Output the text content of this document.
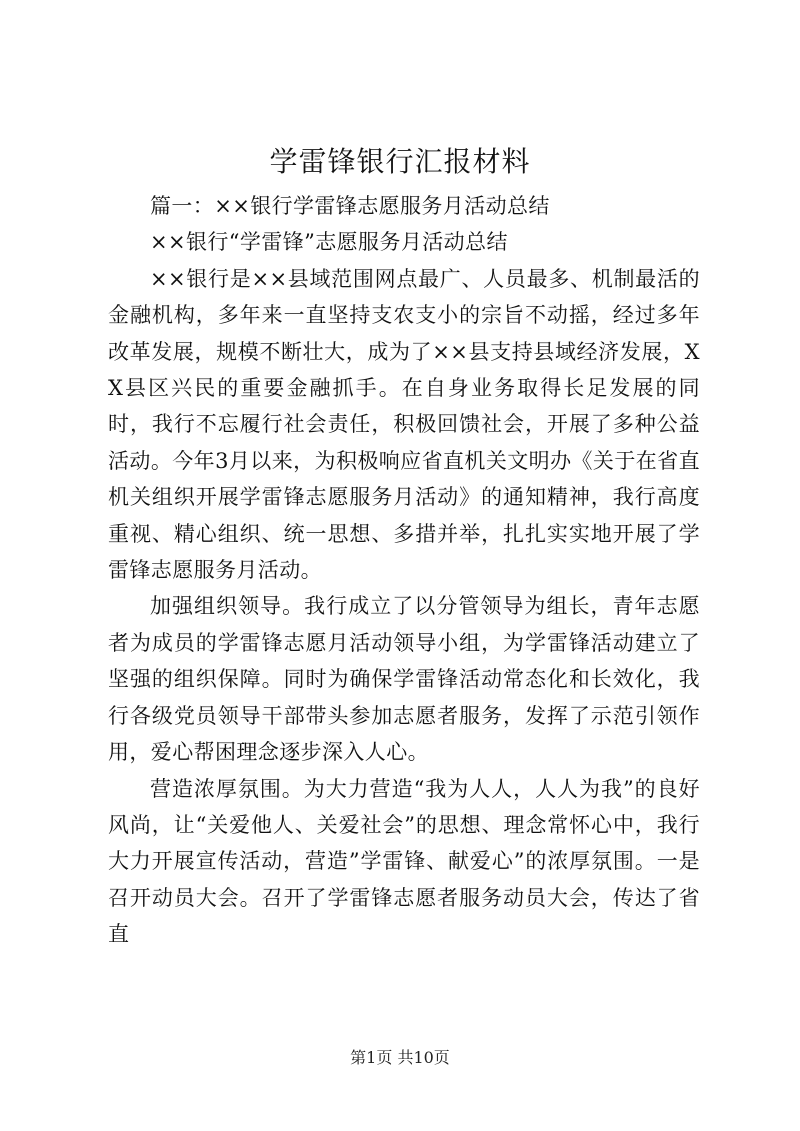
学雷锋银行汇报材料

篇一：××银行学雷锋志愿服务月活动总结

××银行“学雷锋”志愿服务月活动总结

××银行是××县域范围网点最广、人员最多、机制最活的金融机构，多年来一直坚持支农支小的宗旨不动摇，经过多年改革发展，规模不断壮大，成为了××县支持县域经济发展，XX县区兴民的重要金融抓手。在自身业务取得长足发展的同时，我行不忘履行社会责任，积极回馈社会，开展了多种公益活动。今年3月以来，为积极响应省直机关文明办《关于在省直机关组织开展学雷锋志愿服务月活动》的通知精神，我行高度重视、精心组织、统一思想、多措并举，扎扎实实地开展了学雷锋志愿服务月活动。

加强组织领导。我行成立了以分管领导为组长，青年志愿者为成员的学雷锋志愿月活动领导小组，为学雷锋活动建立了坚强的组织保障。同时为确保学雷锋活动常态化和长效化，我行各级党员领导干部带头参加志愿者服务，发挥了示范引领作用，爱心帮困理念逐步深入人心。

营造浓厚氛围。为大力营造“我为人人，人人为我”的良好风尚，让“关爱他人、关爱社会”的思想、理念常怀心中，我行大力开展宣传活动，营造”学雷锋、献爱心”的浓厚氛围。一是召开动员大会。召开了学雷锋志愿者服务动员大会，传达了省直

第1页 共10页
